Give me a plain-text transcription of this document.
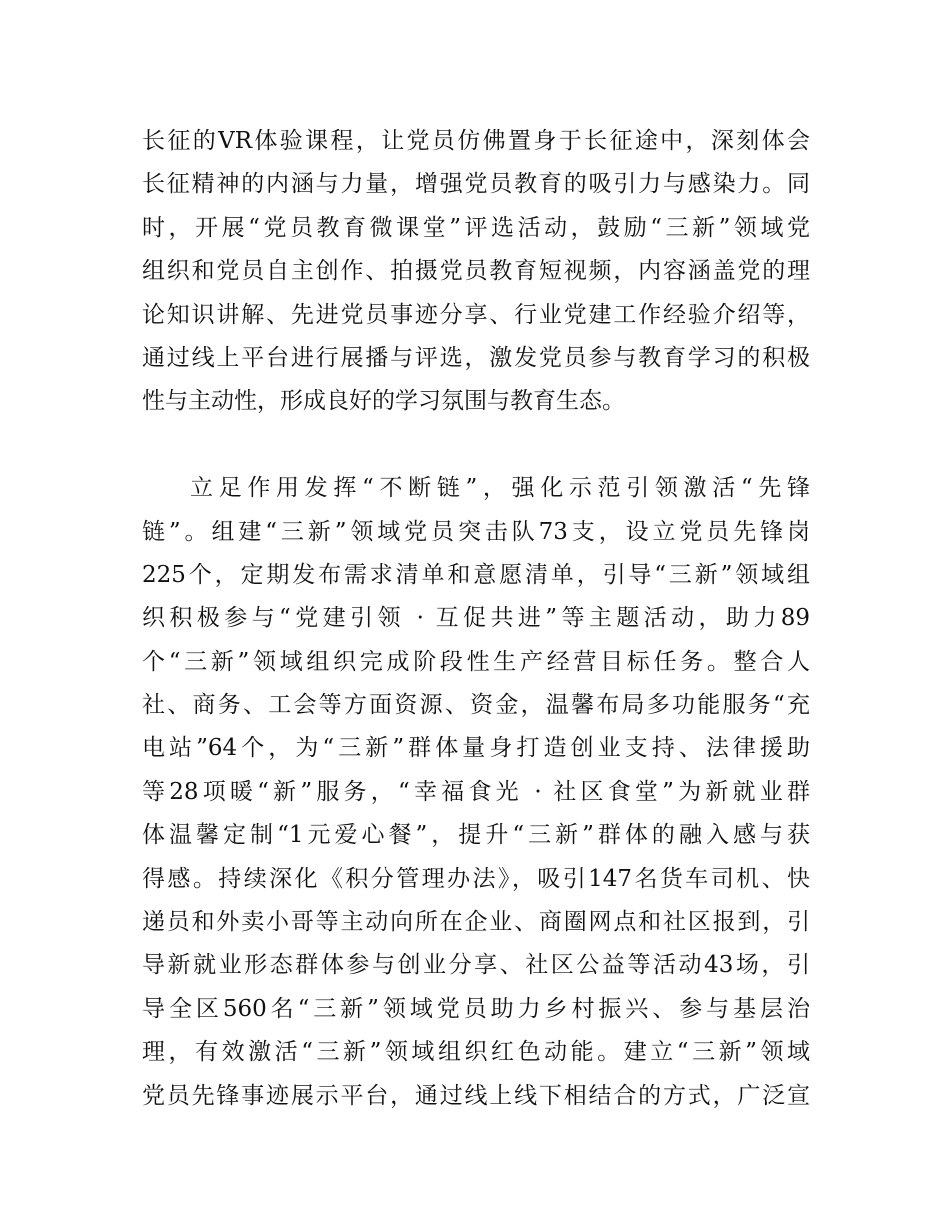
长征的VR体验课程，让党员仿佛置身于长征途中，深刻体会
长征精神的内涵与力量，增强党员教育的吸引力与感染力。同
时，开展“党员教育微课堂”评选活动，鼓励“三新”领域党
组织和党员自主创作、拍摄党员教育短视频，内容涵盖党的理
论知识讲解、先进党员事迹分享、行业党建工作经验介绍等，
通过线上平台进行展播与评选，激发党员参与教育学习的积极
性与主动性，形成良好的学习氛围与教育生态。
立足作用发挥“不断链”，强化示范引领激活“先锋
链”。组建“三新”领域党员突击队73支，设立党员先锋岗
225个，定期发布需求清单和意愿清单，引导“三新”领域组
织积极参与“党建引领 · 互促共进”等主题活动，助力89
个“三新”领域组织完成阶段性生产经营目标任务。整合人
社、商务、工会等方面资源、资金，温馨布局多功能服务“充
电站”64个，为“三新”群体量身打造创业支持、法律援助
等28项暖“新”服务，“幸福食光 · 社区食堂”为新就业群
体温馨定制“1元爱心餐”，提升“三新”群体的融入感与获
得感。持续深化《积分管理办法》，吸引147名货车司机、快
递员和外卖小哥等主动向所在企业、商圈网点和社区报到，引
导新就业形态群体参与创业分享、社区公益等活动43场，引
导全区560名“三新”领域党员助力乡村振兴、参与基层治
理，有效激活“三新”领域组织红色动能。建立“三新”领域
党员先锋事迹展示平台，通过线上线下相结合的方式，广泛宣
